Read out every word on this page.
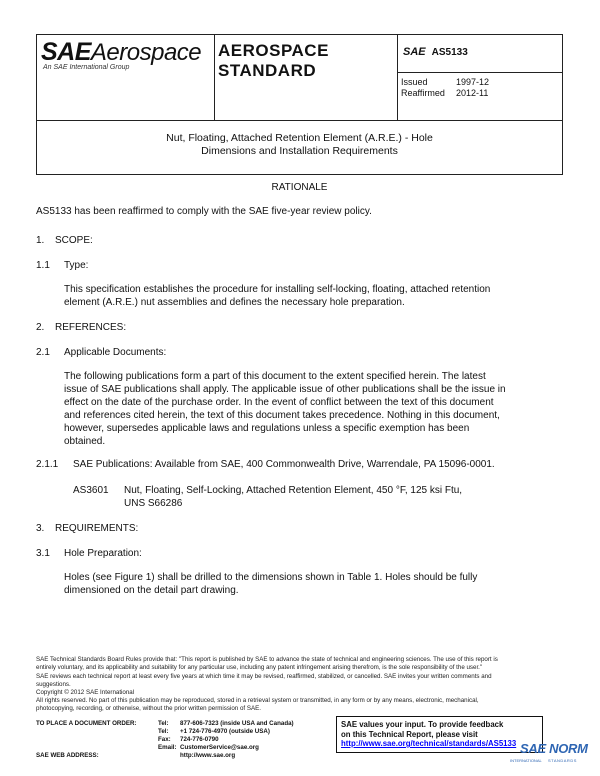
SAEAerospace
An SAE International Group
AEROSPACE
STANDARD
SAE AS5133
Issued	1997-12
Reaffirmed	2012-11
Nut, Floating, Attached Retention Element (A.R.E.) - Hole
Dimensions and Installation Requirements
RATIONALE
AS5133 has been reaffirmed to comply with the SAE five-year review policy.
1. SCOPE:
1.1 Type:
This specification establishes the procedure for installing self-locking, floating, attached retention
element (A.R.E.) nut assemblies and defines the necessary hole preparation.
2. REFERENCES:
2.1 Applicable Documents:
The following publications form a part of this document to the extent specified herein. The latest
issue of SAE publications shall apply. The applicable issue of other publications shall be the issue in
effect on the date of the purchase order. In the event of conflict between the text of this document
and references cited herein, the text of this document takes precedence. Nothing in this document,
however, supersedes applicable laws and regulations unless a specific exemption has been
obtained.
2.1.1 SAE Publications: Available from SAE, 400 Commonwealth Drive, Warrendale, PA 15096-0001.
AS3601 Nut, Floating, Self-Locking, Attached Retention Element, 450 °F, 125 ksi Ftu,
UNS S66286
3. REQUIREMENTS:
3.1 Hole Preparation:
Holes (see Figure 1) shall be drilled to the dimensions shown in Table 1. Holes should be fully
dimensioned on the detail part drawing.
SAE Technical Standards Board Rules provide that: "This report is published by SAE to advance the state of technical and engineering sciences. The use of this report is
entirely voluntary, and its applicability and suitability for any particular use, including any patent infringement arising therefrom, is the sole responsibility of the user."
SAE reviews each technical report at least every five years at which time it may be revised, reaffirmed, stabilized, or cancelled. SAE invites your written comments and
suggestions.
Copyright © 2012 SAE International
All rights reserved. No part of this publication may be reproduced, stored in a retrieval system or transmitted, in any form or by any means, electronic, mechanical,
photocopying, recording, or otherwise, without the prior written permission of SAE.
TO PLACE A DOCUMENT ORDER:	Tel:	877-606-7323 (inside USA and Canada)
	Tel:	+1 724-776-4970 (outside USA)
	Fax:	724-776-0790
	Email:	CustomerService@sae.org
SAE WEB ADDRESS:		http://www.sae.org
SAE values your input. To provide feedback
on this Technical Report, please visit
http://www.sae.org/technical/standards/AS5133 SAE NORM
INTERNATIONAL STANDARDS
